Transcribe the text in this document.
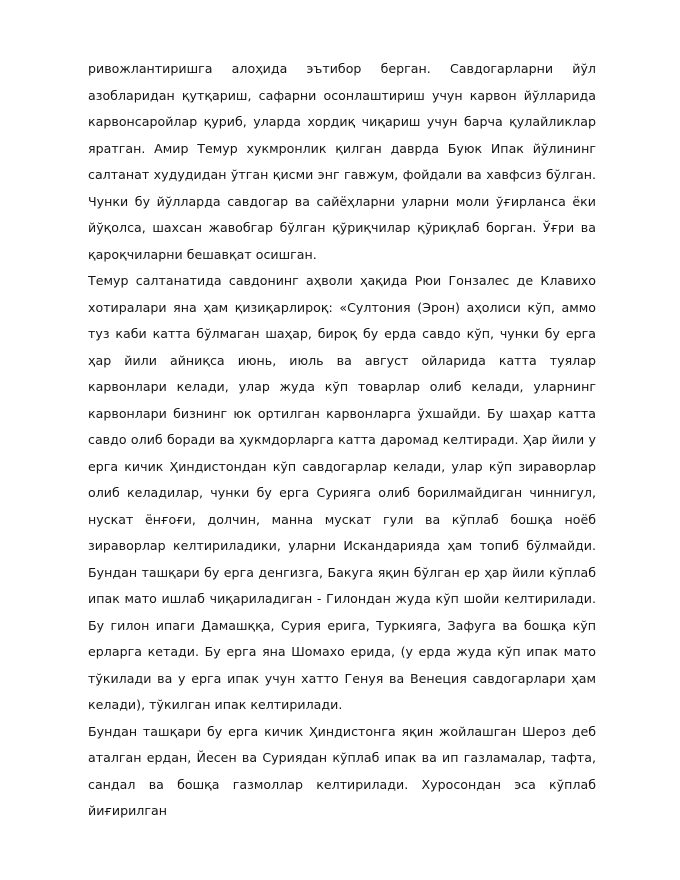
ривожлантиришга алоҳида эътибор берган. Савдогарларни йўл азобларидан қутқариш, сафарни осонлаштириш учун карвон йўлларида карвонсаройлар қуриб, уларда хордиқ чиқариш учун барча қулайликлар яратган. Амир Темур хукмронлик қилган даврда Буюк Ипак йўлининг салтанат худудидан ўтган қисми энг гавжум, фойдали ва хавфсиз бўлган. Чунки бу йўлларда савдогар ва сайёҳларни уларни моли ўғирланса ёки йўқолса, шахсан жавобгар бўлган қўриқчилар қўриқлаб борган. Ўғри ва қароқчиларни бешавқат осишган.

Темур салтанатида савдонинг аҳволи ҳақида Рюи Гонзалес де Клавихо хотиралари яна ҳам қизиқарлироқ: «Султония (Эрон) аҳолиси кўп, аммо туз каби катта бўлмаган шаҳар, бироқ бу ерда савдо кўп, чунки бу ерга ҳар йили айниқса июнь, июль ва август ойларида катта туялар карвонлари келади, улар жуда кўп товарлар олиб келади, уларнинг карвонлари бизнинг юк ортилган карвонларга ўхшайди. Бу шаҳар катта савдо олиб боради ва ҳукмдорларга катта даромад келтиради. Ҳар йили у ерга кичик Ҳиндистондан кўп савдогарлар келади, улар кўп зираворлар олиб келадилар, чунки бу ерга Сурияга олиб борилмайдиган чиннигул, нускат ёнғоғи, долчин, манна мускат гули ва кўплаб бошқа ноёб зираворлар келтириладики, уларни Искандарияда ҳам топиб бўлмайди. Бундан ташқари бу ерга денгизга, Бакуга яқин бўлган ер ҳар йили кўплаб ипак мато ишлаб чиқариладиган - Гилондан жуда кўп шойи келтирилади. Бу гилон ипаги Дамашққа, Сурия ерига, Туркияга, Зафуга ва бошқа кўп ерларга кетади. Бу ерга яна Шомахо ерида, (у ерда жуда кўп ипак мато тўкилади ва у ерга ипак учун хатто Генуя ва Венеция савдогарлари ҳам келади), тўкилган ипак келтирилади.

Бундан ташқари бу ерга кичик Ҳиндистонга яқин жойлашган Шероз деб аталган ердан, Йесен ва Суриядан кўплаб ипак ва ип газламалар, тафта, сандал ва бошқа газмоллар келтирилади. Хуросондан эса кўплаб йиғирилган
